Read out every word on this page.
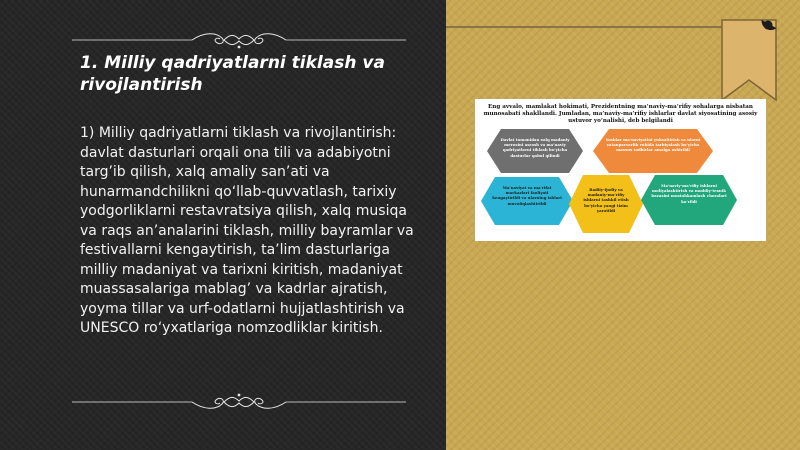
1. Milliy qadriyatlarni tiklash va rivojlantirish

1) Milliy qadriyatlarni tiklash va rivojlantirish: davlat dasturlari orqali ona tili va adabiyotni targ’ib qilish, xalq amaliy san’ati va hunarmandchilikni qo‘llab-quvvatlash, tarixiy yodgorliklarni restavratsiya qilish, xalq musiqa va raqs an’analarini tiklash, milliy bayramlar va festivallarni kengaytirish, ta’lim dasturlariga milliy madaniyat va tarixni kiritish, madaniyat muassasalariga mablag’ va kadrlar ajratish, yoyma tillar va urf-odatlarni hujjatlashtirish va UNESCO ro‘yxatlariga nomzodliklar kiritish.

Eng avvalo, mamlakat hokimati, Prezidentning ma’naviy-ma’rifiy sohalarga nisbatan munosabati shakllandi. Jumladan, ma’naviy-ma’rifiy ishlarlar davlat siyosatining asosiy ustuvor yo‘nalishi, deb belgilandi
Davlat tomonidan xalq madaniy merosini asrash va ma’naviy qadriyatlarni tiklash bo‘yicha dasturlar qabul qilindi
Yoshlar ma’naviyatini yuksaltirish va ularni vatanparvarlik ruhida tarbiyalash bo‘yicha maxsus tadbirlar amalga oshirildi
Ma’naviyat va ma’rifat markazlari faoliyati kengaytirildi va ularning ishlari muvofiqlashtirildi
Badiiy-ijodiy va madaniy-ma’rifiy ishlarni tashkil etish bo‘yicha yangi tizim yaratildi
Ma’naviy-ma’rifiy ishlarni moliyalashtirish va moddiy-texnik bazasini mustahkamlash choralari ko‘rildi
